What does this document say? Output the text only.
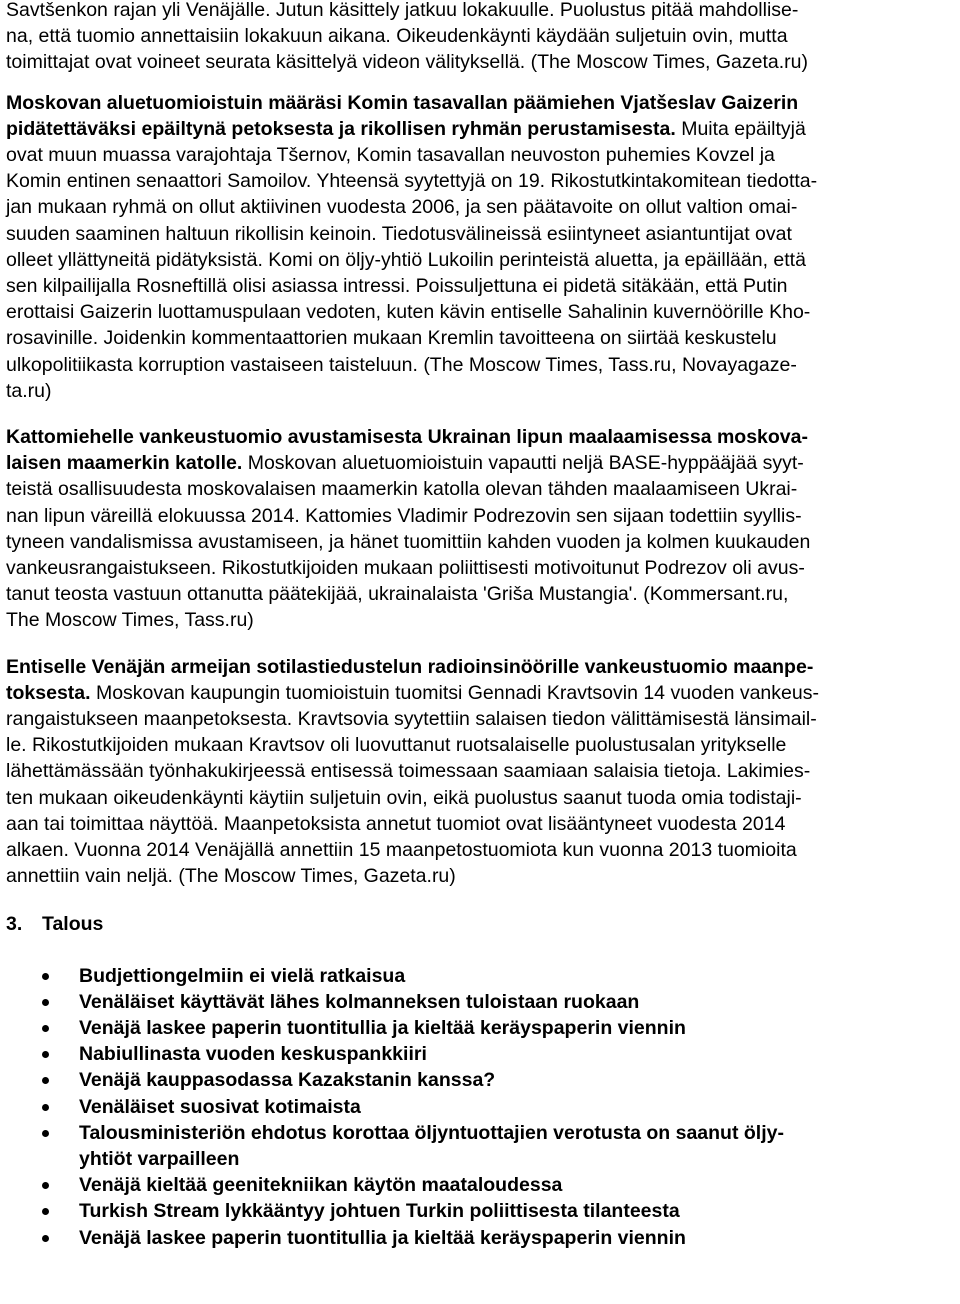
Savtšenkon rajan yli Venäjälle. Jutun käsittely jatkuu lokakuulle. Puolustus pitää mahdollise-
na, että tuomio annettaisiin lokakuun aikana. Oikeudenkäynti käydään suljetuin ovin, mutta
toimittajat ovat voineet seurata käsittelyä videon välityksellä. (The Moscow Times, Gazeta.ru)

Moskovan aluetuomioistuin määräsi Komin tasavallan päämiehen Vjatšeslav Gaizerin
pidätettäväksi epäiltynä petoksesta ja rikollisen ryhmän perustamisesta. Muita epäiltyjä
ovat muun muassa varajohtaja Tšernov, Komin tasavallan neuvoston puhemies Kovzel ja
Komin entinen senaattori Samoilov. Yhteensä syytettyjä on 19. Rikostutkintakomitean tiedotta-
jan mukaan ryhmä on ollut aktiivinen vuodesta 2006, ja sen päätavoite on ollut valtion omai-
suuden saaminen haltuun rikollisin keinoin. Tiedotusvälineissä esiintyneet asiantuntijat ovat
olleet yllättyneitä pidätyksistä. Komi on öljy-yhtiö Lukoilin perinteistä aluetta, ja epäillään, että
sen kilpailijalla Rosneftillä olisi asiassa intressi. Poissuljettuna ei pidetä sitäkään, että Putin
erottaisi Gaizerin luottamuspulaan vedoten, kuten kävin entiselle Sahalinin kuvernöörille Kho-
rosavinille. Joidenkin kommentaattorien mukaan Kremlin tavoitteena on siirtää keskustelu
ulkopolitiikasta korruption vastaiseen taisteluun. (The Moscow Times, Tass.ru, Novayagaze-
ta.ru)

Kattomiehelle vankeustuomio avustamisesta Ukrainan lipun maalaamisessa moskova-
laisen maamerkin katolle. Moskovan aluetuomioistuin vapautti neljä BASE-hyppääjää syyt-
teistä osallisuudesta moskovalaisen maamerkin katolla olevan tähden maalaamiseen Ukrai-
nan lipun väreillä elokuussa 2014. Kattomies Vladimir Podrezovin sen sijaan todettiin syyllis-
tyneen vandalismissa avustamiseen, ja hänet tuomittiin kahden vuoden ja kolmen kuukauden
vankeusrangaistukseen. Rikostutkijoiden mukaan poliittisesti motivoitunut Podrezov oli avus-
tanut teosta vastuun ottanutta päätekijää, ukrainalaista 'Griša Mustangia'. (Kommersant.ru,
The Moscow Times, Tass.ru)

Entiselle Venäjän armeijan sotilastiedustelun radioinsinöörille vankeustuomio maanpe-
toksesta. Moskovan kaupungin tuomioistuin tuomitsi Gennadi Kravtsovin 14 vuoden vankeus-
rangaistukseen maanpetoksesta. Kravtsovia syytettiin salaisen tiedon välittämisestä länsimail-
le. Rikostutkijoiden mukaan Kravtsov oli luovuttanut ruotsalaiselle puolustusalan yritykselle
lähettämässään työnhakukirjeessä entisessä toimessaan saamiaan salaisia tietoja. Lakimies-
ten mukaan oikeudenkäynti käytiin suljetuin ovin, eikä puolustus saanut tuoda omia todistaji-
aan tai toimittaa näyttöä. Maanpetoksista annetut tuomiot ovat lisääntyneet vuodesta 2014
alkaen. Vuonna 2014 Venäjällä annettiin 15 maanpetostuomiota kun vuonna 2013 tuomioita
annettiin vain neljä. (The Moscow Times, Gazeta.ru)

3.	Talous
Budjettiongelmiin ei vielä ratkaisua
Venäläiset käyttävät lähes kolmanneksen tuloistaan ruokaan
Venäjä laskee paperin tuontitullia ja kieltää keräyspaperin viennin
Nabiullinasta vuoden keskuspankkiiri
Venäjä kauppasodassa Kazakstanin kanssa?
Venäläiset suosivat kotimaista
Talousministeriön ehdotus korottaa öljyntuottajien verotusta on saanut öljy-
yhtiöt varpailleen
Venäjä kieltää geenitekniikan käytön maataloudessa
Turkish Stream lykkääntyy johtuen Turkin poliittisesta tilanteesta
Venäjä laskee paperin tuontitullia ja kieltää keräyspaperin viennin
